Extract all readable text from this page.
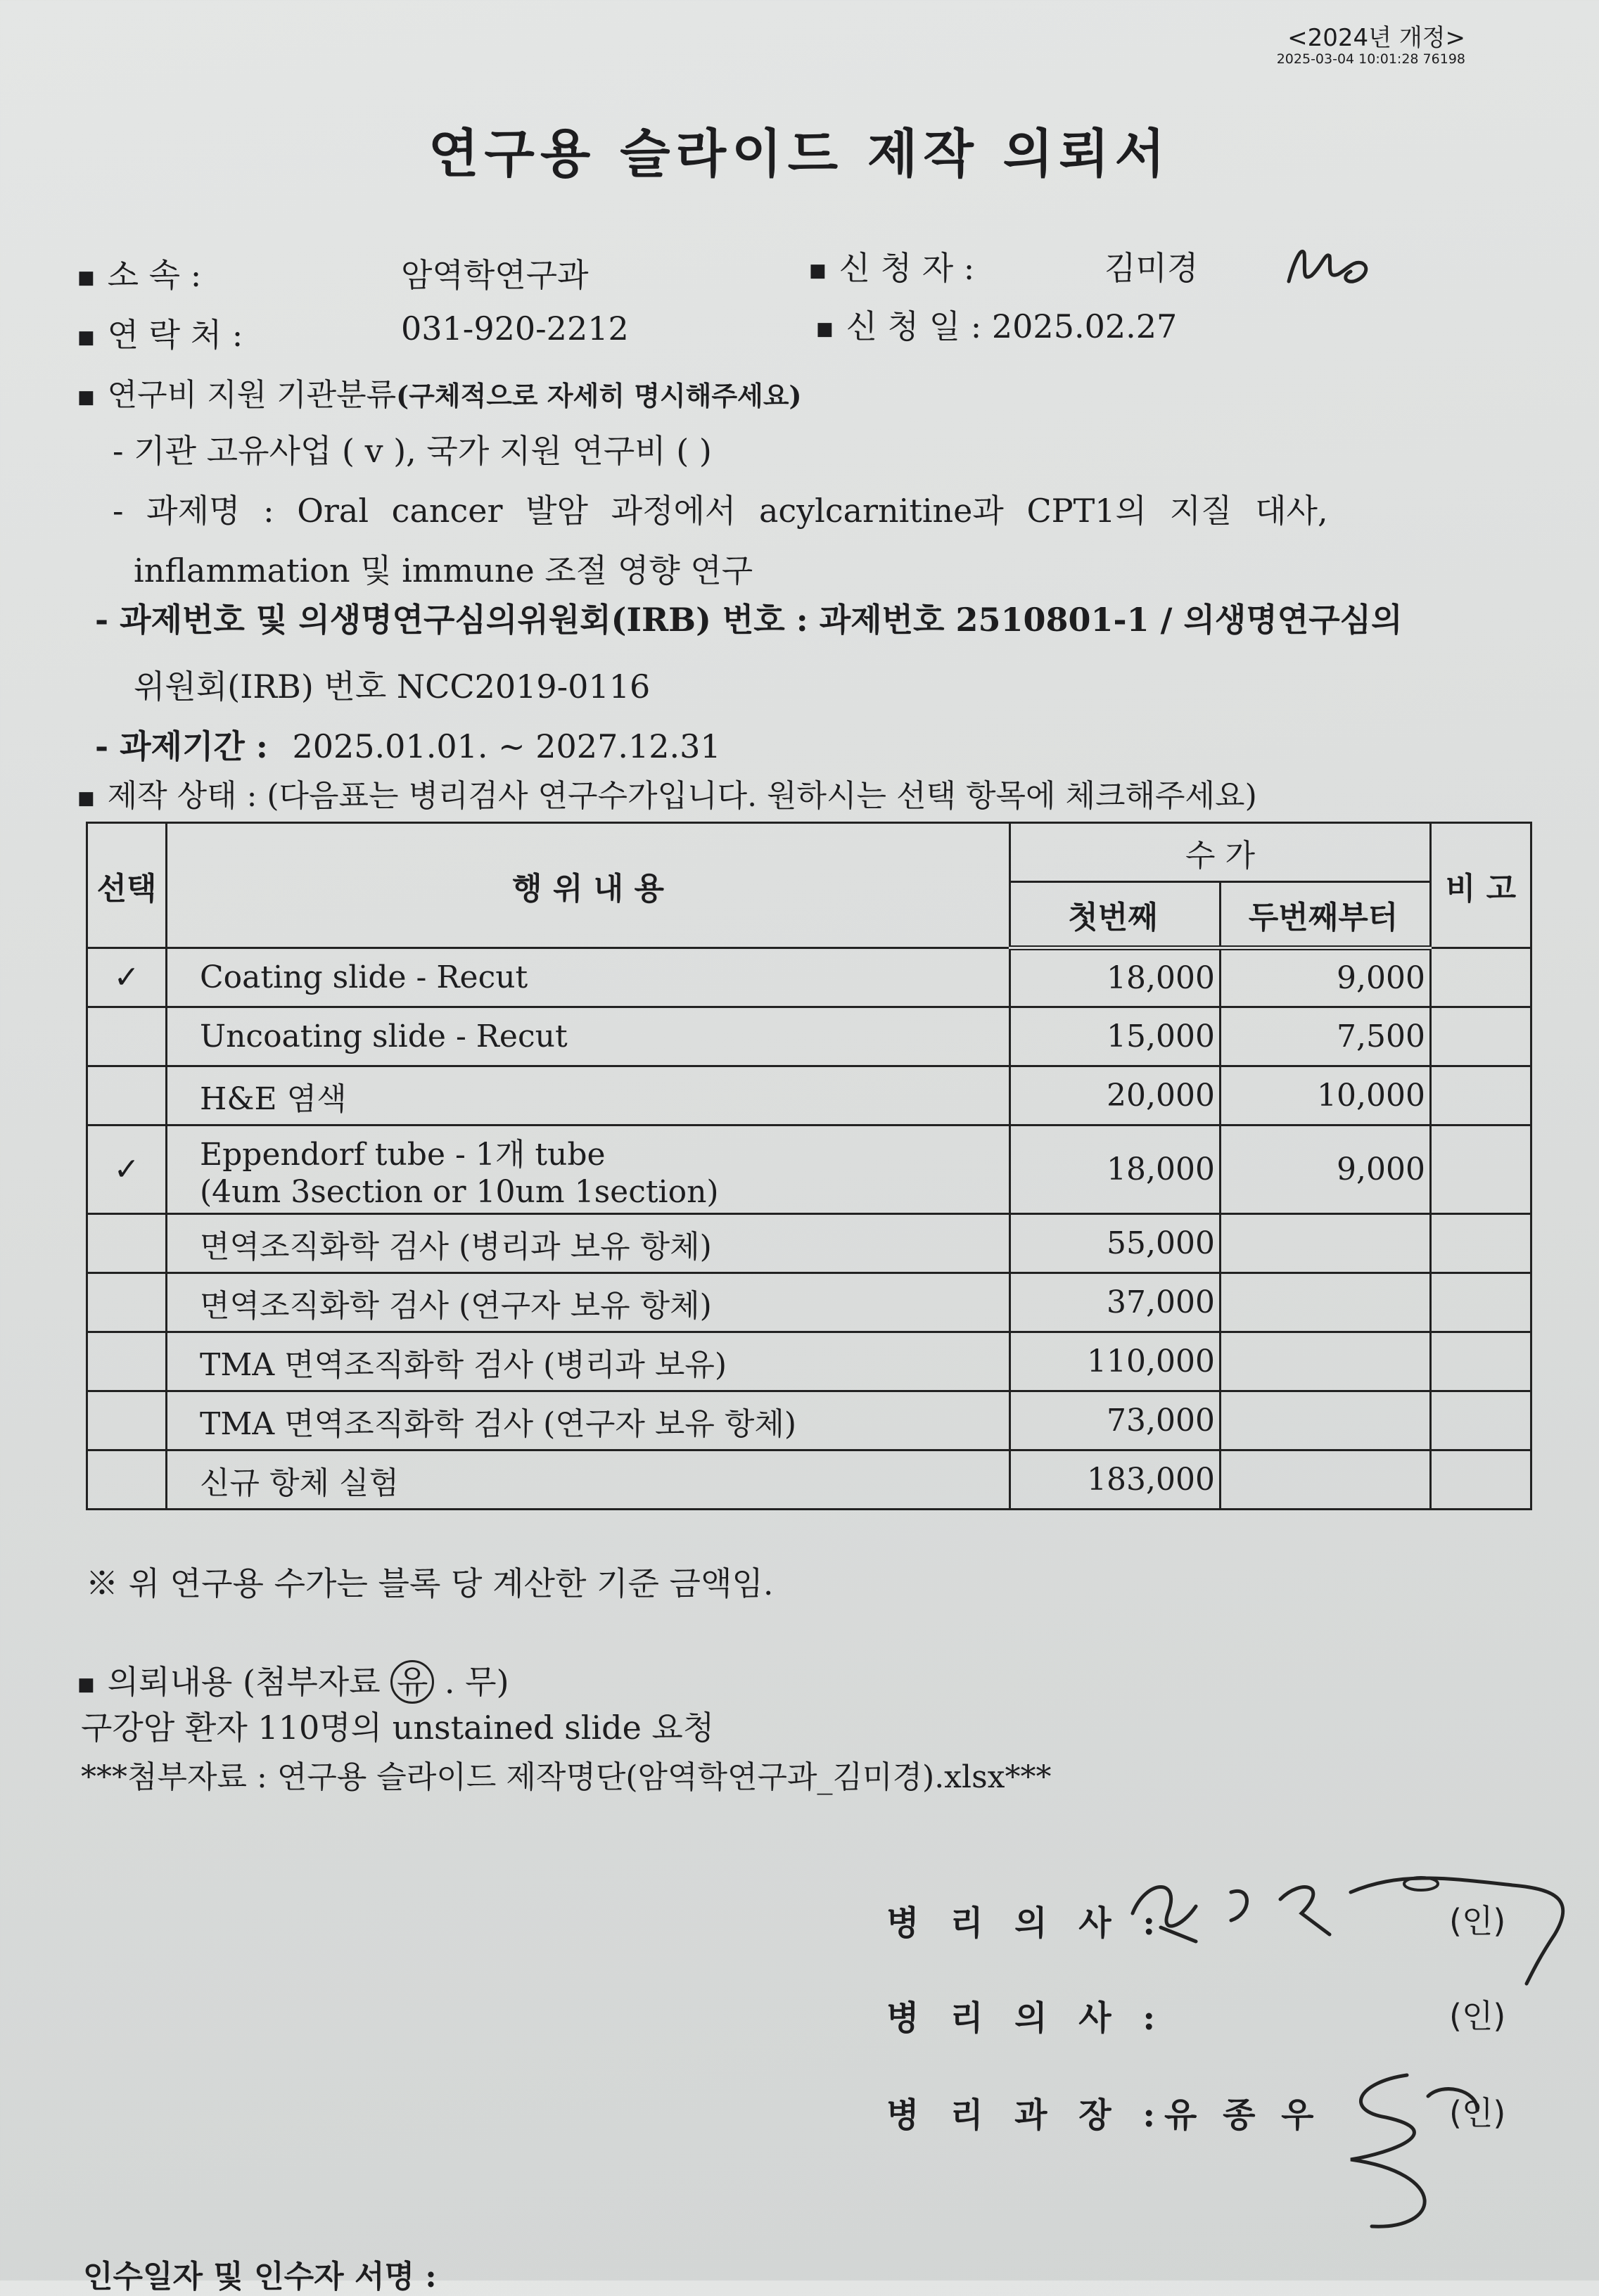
<2024년 개정>
2025-03-04 10:01:28 76198
연구용 슬라이드 제작 의뢰서
■ 소 속 :	암역학연구과	■ 신 청 자 :	김미경
■ 연 락 처 :	031-920-2212	■ 신 청 일 : 2025.02.27
■ 연구비 지원 기관분류(구체적으로 자세히 명시해주세요)
- 기관 고유사업 ( v ), 국가 지원 연구비 ( )
- 과제명 : Oral cancer 발암 과정에서 acylcarnitine과 CPT1의 지질 대사,
inflammation 및 immune 조절 영향 연구
- 과제번호 및 의생명연구심의위원회(IRB) 번호 : 과제번호 2510801-1 / 의생명연구심의
위원회(IRB) 번호 NCC2019-0116
- 과제기간 : 2025.01.01. ~ 2027.12.31
■ 제작 상태 : (다음표는 병리검사 연구수가입니다. 원하시는 선택 항목에 체크해주세요)
선택	행 위 내 용	수 가		비 고
		첫번째	두번째부터	
✓	Coating slide - Recut	18,000	9,000	

	Uncoating slide - Recut	15,000	7,500	

	H&E 염색	20,000	10,000	
✓	Eppendorf tube - 1개 tube
(4um 3section or 10um 1section)	18,000	9,000	

	면역조직화학 검사 (병리과 보유 항체)	55,000		

	면역조직화학 검사 (연구자 보유 항체)	37,000		

	TMA 면역조직화학 검사 (병리과 보유)	110,000		

	TMA 면역조직화학 검사 (연구자 보유 항체)	73,000		

	신규 항체 실험	183,000		
※ 위 연구용 수가는 블록 당 계산한 기준 금액임.
■ 의뢰내용 (첨부자료 유 . 무)
구강암 환자 110명의 unstained slide 요청
***첨부자료 : 연구용 슬라이드 제작명단(암역학연구과_김미경).xlsx***
병 리 의 사 :	(인)
병 리 의 사 :	(인)
병 리 과 장 :
유 종 우	(인)
인수일자 및 인수자 서명 :
